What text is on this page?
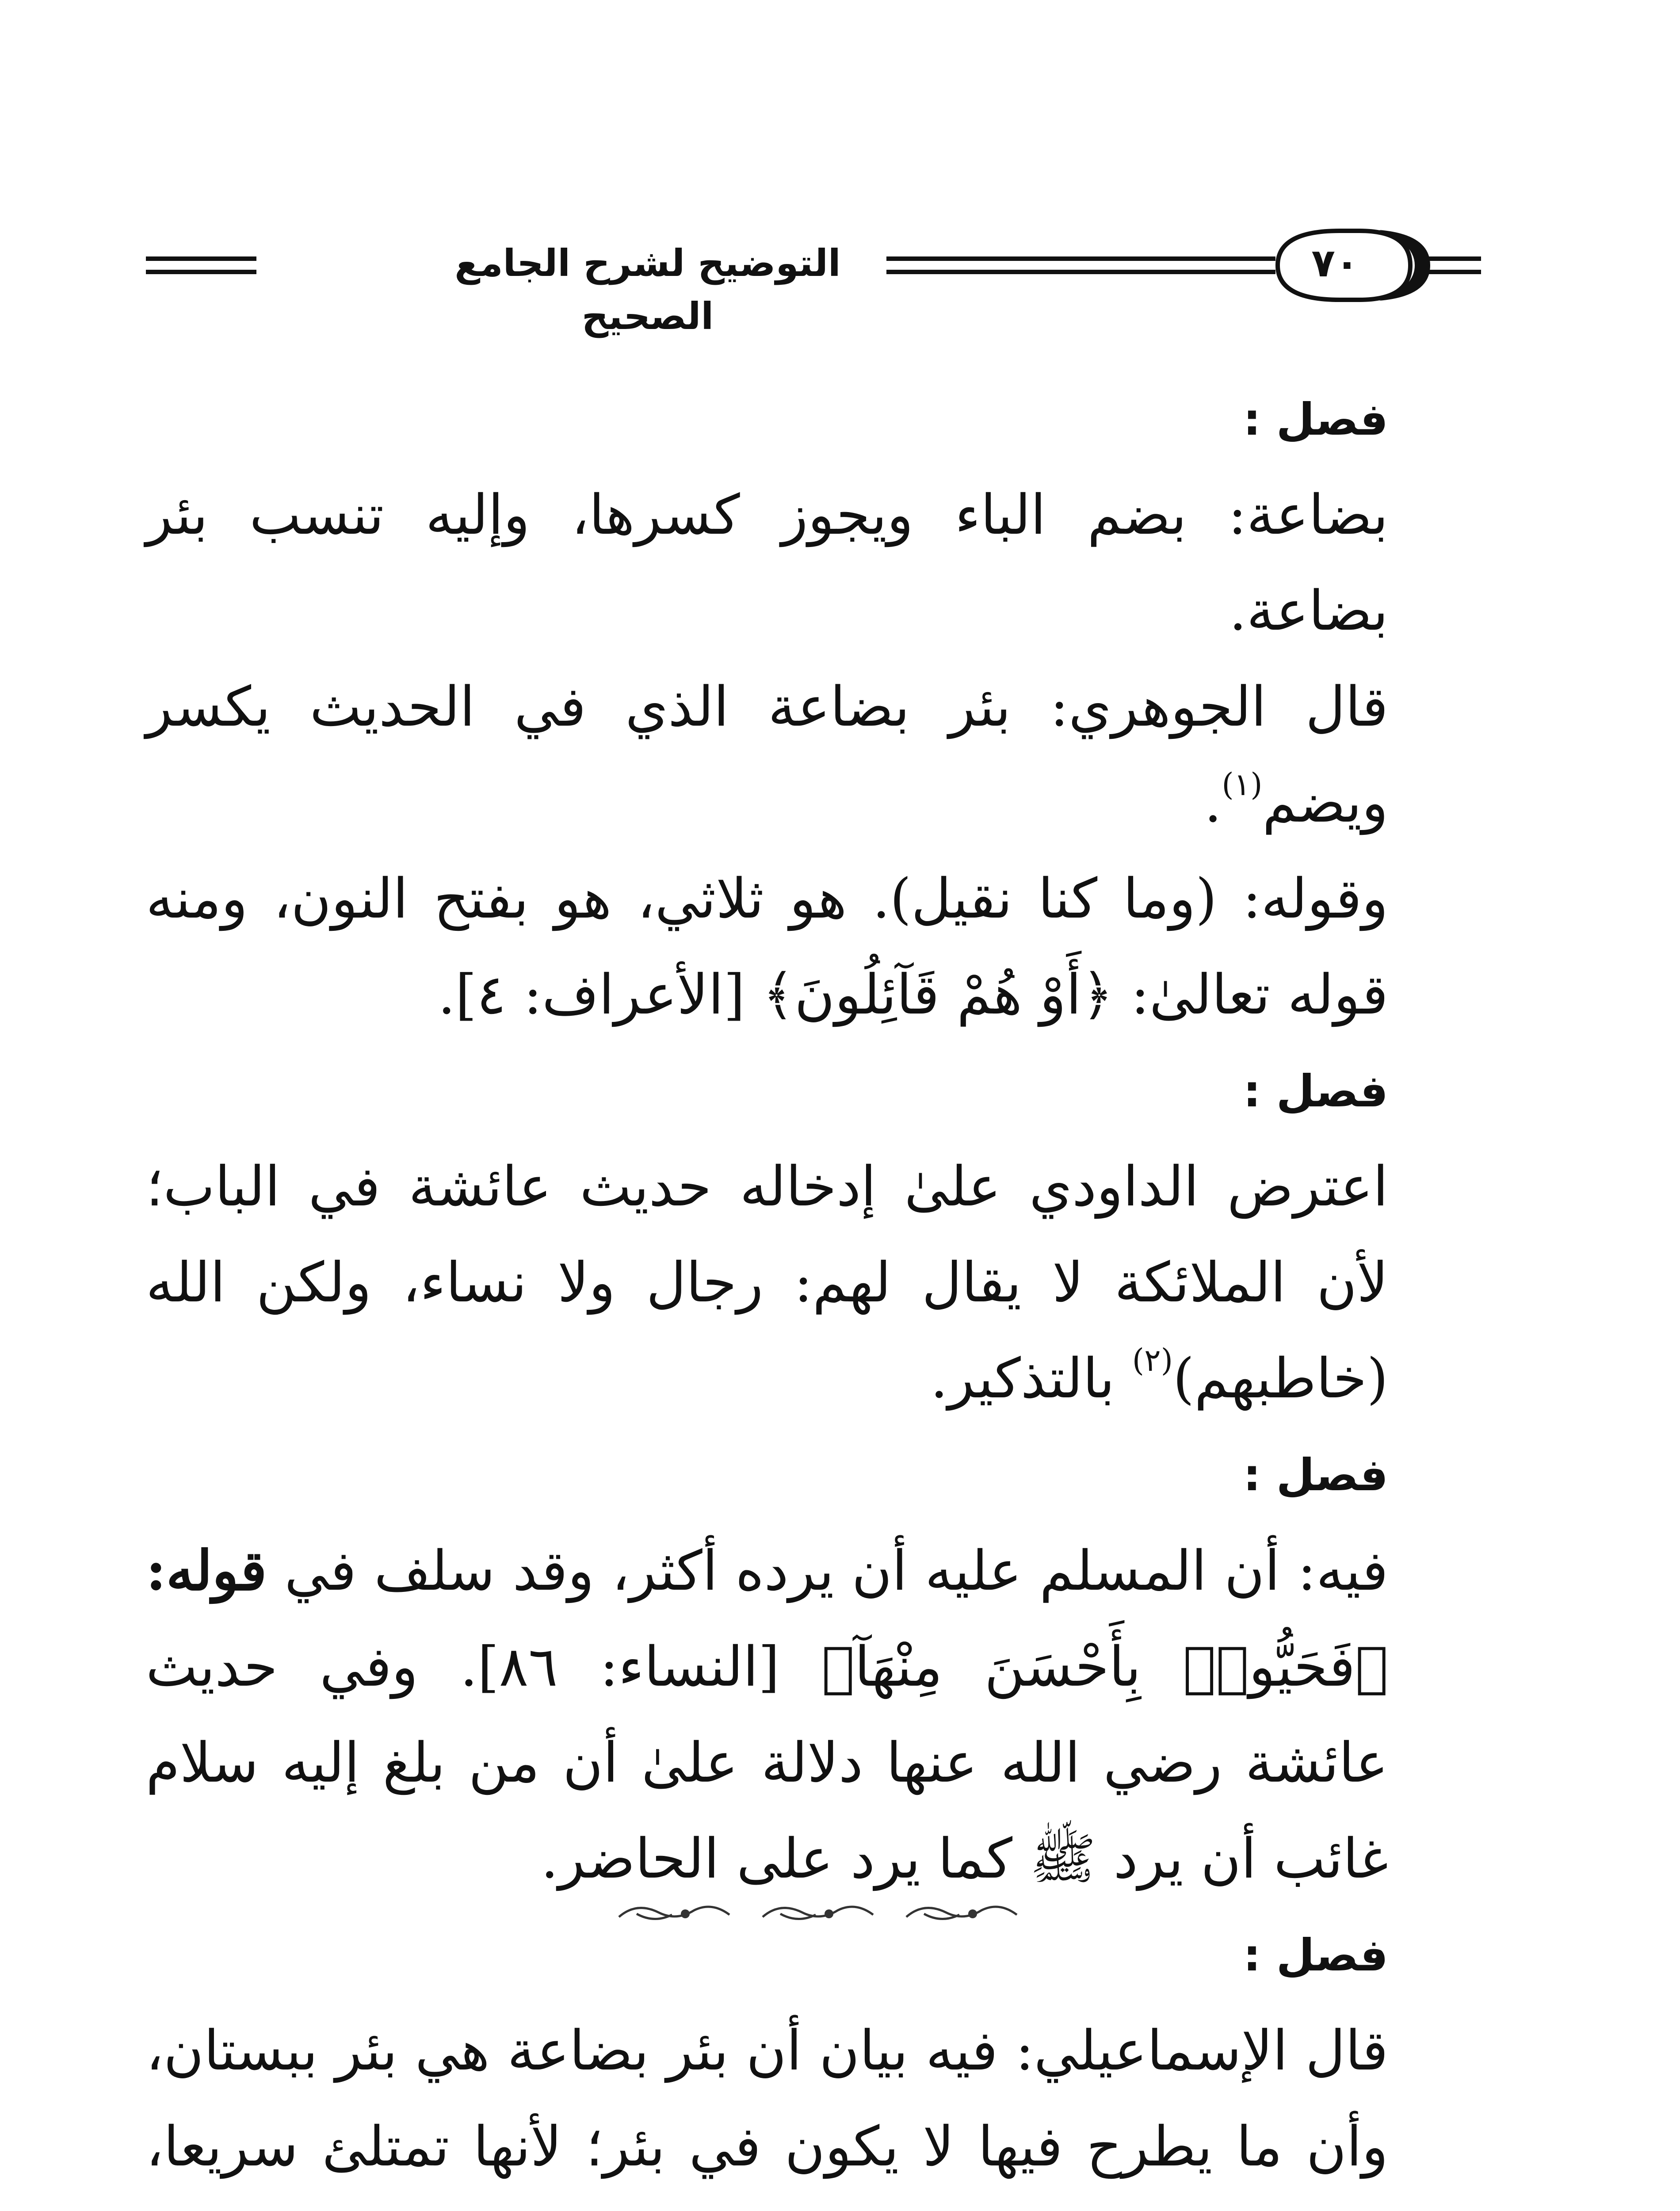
التوضيح لشرح الجامع الصحيح
٧٠

فصل :

بضاعة: بضم الباء ويجوز كسرها، وإليه تنسب بئر بضاعة.

قال الجوهري: بئر بضاعة الذي في الحديث يكسر ويضم$^{(١)}$.

وقوله: (وما كنا نقيل). هو ثلاثي، هو بفتح النون، ومنه قوله تعالىٰ: ﴿أَوْ هُمْ قَآئِلُونَ﴾ [الأعراف: ٤].

فصل :

اعترض الداودي علىٰ إدخاله حديث عائشة في الباب؛ لأن الملائكة لا يقال لهم: رجال ولا نساء، ولكن الله (خاطبهم)$^{(٢)}$ بالتذكير.

فصل :

فيه: أن المسلم عليه أن يرده أكثر، وقد سلف في قوله: ﴿فَحَيُّوا۟ بِأَحْسَنَ مِنْهَآ﴾ [النساء: ٨٦]. وفي حديث عائشة رضي الله عنها دلالة علىٰ أن من بلغ إليه سلام غائب أن يرد ﷺ كما يرد على الحاضر.

فصل :

قال الإسماعيلي: فيه بيان أن بئر بضاعة هي بئر ببستان، وأن ما يطرح فيها لا يكون في بئر؛ لأنها تمتلئ سريعا،
